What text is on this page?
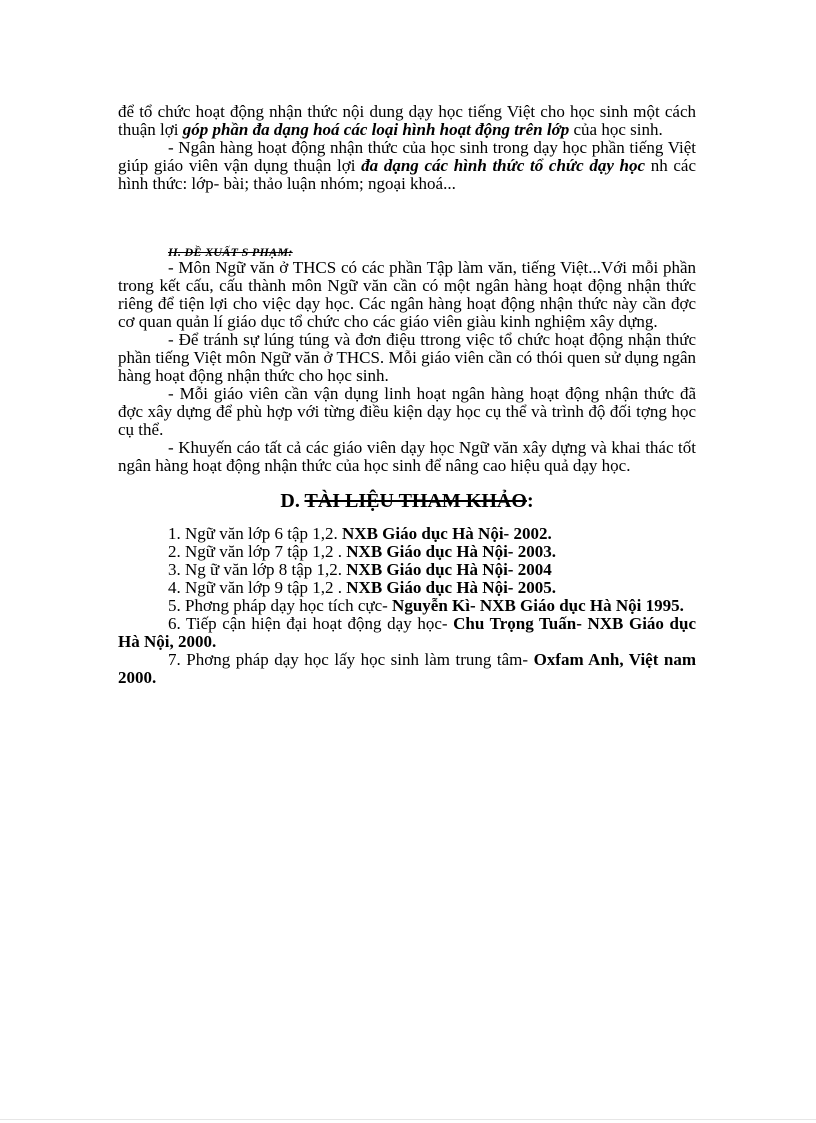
để tổ chức hoạt động nhận thức nội dung dạy học tiếng Việt cho học sinh một cách thuận lợi góp phần đa dạng hoá các loại hình hoạt động trên lớp của học sinh.

- Ngân hàng hoạt động nhận thức của học sinh trong dạy học phần tiếng Việt giúp giáo viên vận dụng thuận lợi đa dạng các hình thức tổ chức dạy học nh các hình thức: lớp- bài; thảo luận nhóm; ngoại khoá...

II. ĐỀ XUẤT S PHẠM:

- Môn Ngữ văn ở THCS có các phần Tập làm văn, tiếng Việt...Với mỗi phần trong kết cấu, cấu thành môn Ngữ văn cần có một ngân hàng hoạt động nhận thức riêng để tiện lợi cho việc dạy học. Các ngân hàng hoạt động nhận thức này cần đợc cơ quan quản lí giáo dục tổ chức cho các giáo viên giàu kinh nghiệm xây dựng.

- Để tránh sự lúng túng và đơn điệu ttrong việc tổ chức hoạt động nhận thức phần tiếng Việt môn Ngữ văn ở THCS. Mỗi giáo viên cần có thói quen sử dụng ngân hàng hoạt động nhận thức cho học sinh.

- Mỗi giáo viên cần vận dụng linh hoạt ngân hàng hoạt động nhận thức đã đợc xây dựng để phù hợp với từng điều kiện dạy học cụ thể và trình độ đối tợng học cụ thể.

- Khuyến cáo tất cả các giáo viên dạy học Ngữ văn xây dựng và khai thác tốt ngân hàng hoạt động nhận thức của học sinh để nâng cao hiệu quả dạy học.

D. TÀI LIỆU THAM KHẢO:

1. Ngữ văn lớp 6 tập 1,2. NXB Giáo dục Hà Nội- 2002.

2. Ngữ văn lớp 7 tập 1,2 . NXB Giáo dục Hà Nội- 2003.

3. Ng ữ văn lớp 8 tập 1,2. NXB Giáo dục Hà Nội- 2004

4. Ngữ văn lớp 9 tập 1,2 . NXB Giáo dục Hà Nội- 2005.

5. Phơng pháp dạy học tích cực- Nguyễn Kì- NXB Giáo dục Hà Nội 1995.

6. Tiếp cận hiện đại hoạt động dạy học- Chu Trọng Tuấn- NXB Giáo dục Hà Nội, 2000.

7. Phơng pháp dạy học lấy học sinh làm trung tâm- Oxfam Anh, Việt nam 2000.
